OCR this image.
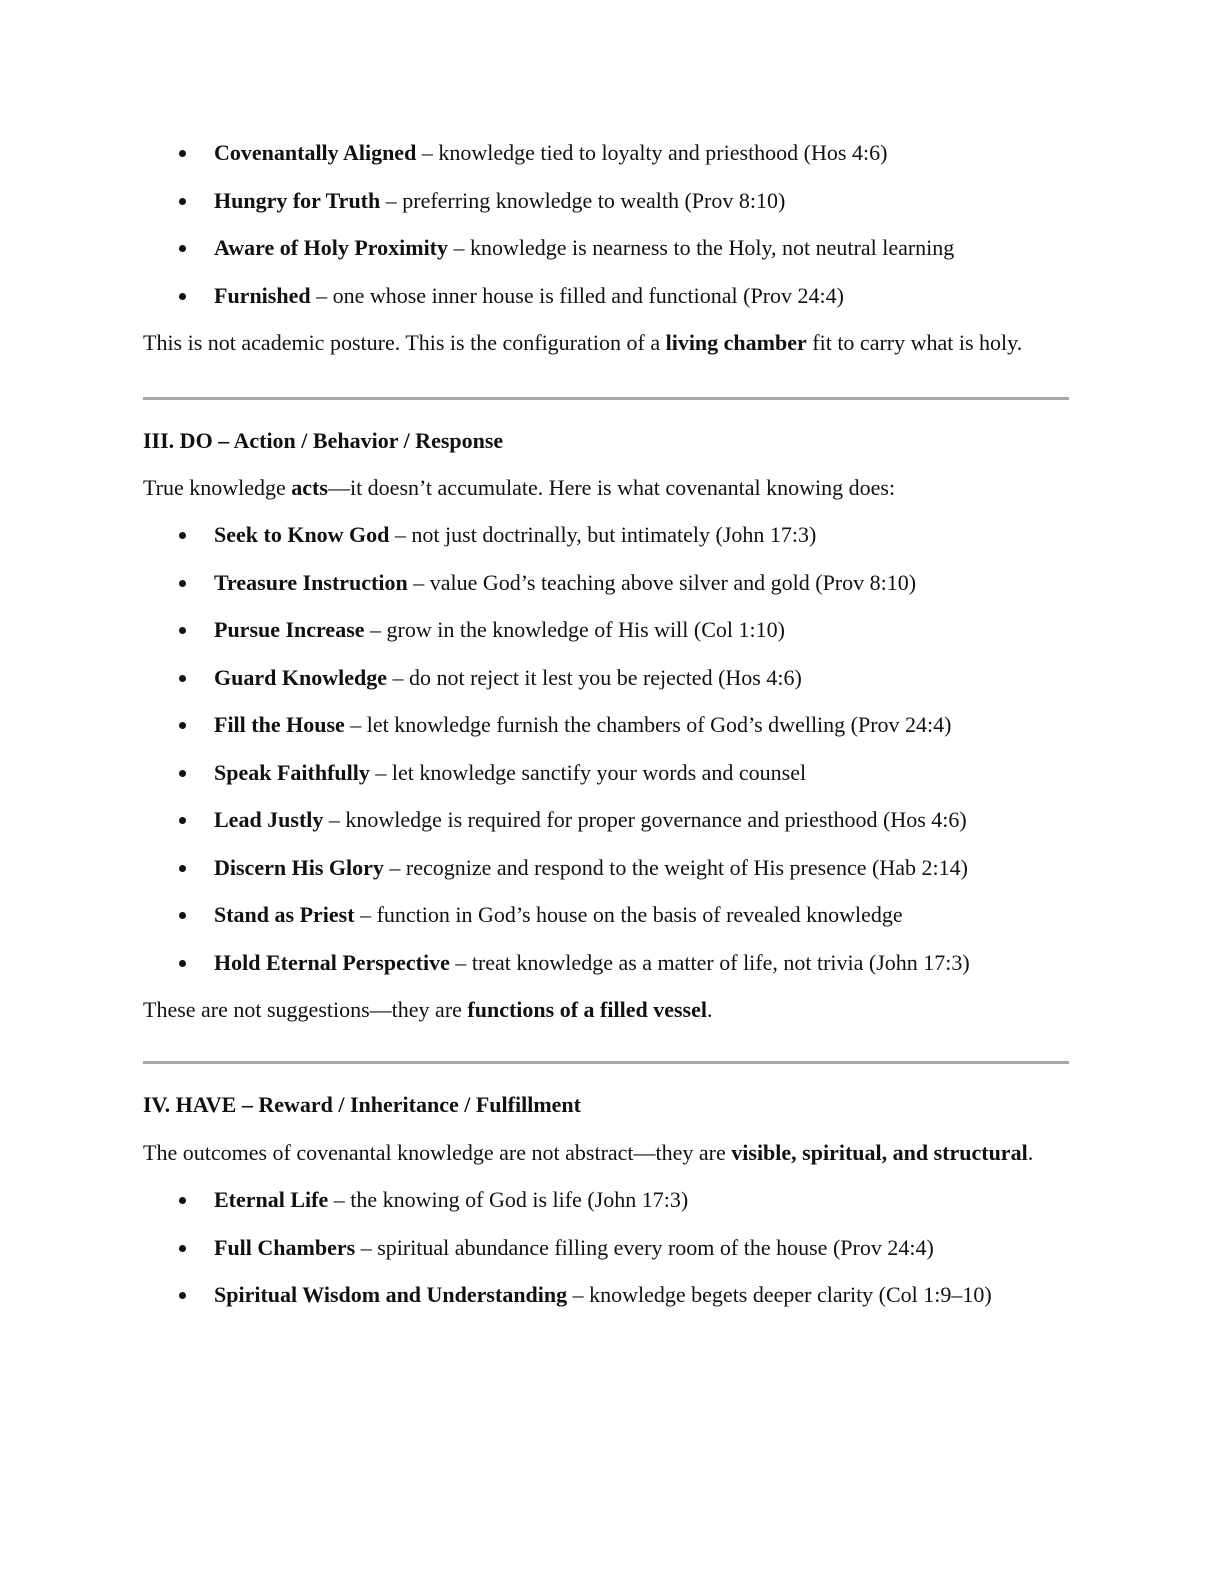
Covenantally Aligned – knowledge tied to loyalty and priesthood (Hos 4:6)
Hungry for Truth – preferring knowledge to wealth (Prov 8:10)
Aware of Holy Proximity – knowledge is nearness to the Holy, not neutral learning
Furnished – one whose inner house is filled and functional (Prov 24:4)

This is not academic posture. This is the configuration of a living chamber fit to carry what is holy.

III. DO – Action / Behavior / Response

True knowledge acts—it doesn’t accumulate. Here is what covenantal knowing does:

Seek to Know God – not just doctrinally, but intimately (John 17:3)
Treasure Instruction – value God’s teaching above silver and gold (Prov 8:10)
Pursue Increase – grow in the knowledge of His will (Col 1:10)
Guard Knowledge – do not reject it lest you be rejected (Hos 4:6)
Fill the House – let knowledge furnish the chambers of God’s dwelling (Prov 24:4)
Speak Faithfully – let knowledge sanctify your words and counsel
Lead Justly – knowledge is required for proper governance and priesthood (Hos 4:6)
Discern His Glory – recognize and respond to the weight of His presence (Hab 2:14)
Stand as Priest – function in God’s house on the basis of revealed knowledge
Hold Eternal Perspective – treat knowledge as a matter of life, not trivia (John 17:3)

These are not suggestions—they are functions of a filled vessel.

IV. HAVE – Reward / Inheritance / Fulfillment

The outcomes of covenantal knowledge are not abstract—they are visible, spiritual, and structural.

Eternal Life – the knowing of God is life (John 17:3)
Full Chambers – spiritual abundance filling every room of the house (Prov 24:4)
Spiritual Wisdom and Understanding – knowledge begets deeper clarity (Col 1:9–10)
